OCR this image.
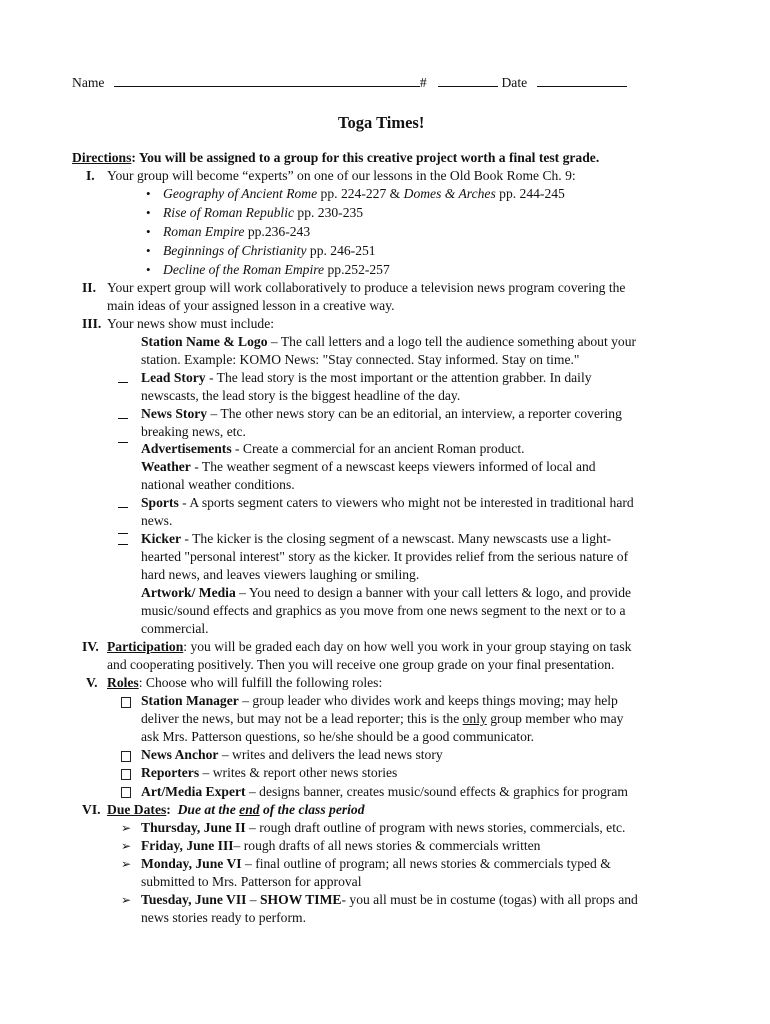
Name	#	Date
Toga Times!
Directions: You will be assigned to a group for this creative project worth a final test grade.
I. Your group will become “experts” on one of our lessons in the Old Book Rome Ch. 9:
• Geography of Ancient Rome pp. 224-227 & Domes & Arches pp. 244-245
• Rise of Roman Republic pp. 230-235
• Roman Empire pp.236-243
• Beginnings of Christianity pp. 246-251
• Decline of the Roman Empire pp.252-257
II. Your expert group will work collaboratively to produce a television news program covering the
main ideas of your assigned lesson in a creative way.
III. Your news show must include:
Station Name & Logo – The call letters and a logo tell the audience something about your
station. Example: KOMO News: "Stay connected. Stay informed. Stay on time."
Lead Story - The lead story is the most important or the attention grabber. In daily
newscasts, the lead story is the biggest headline of the day.
News Story – The other news story can be an editorial, an interview, a reporter covering
breaking news, etc.
Advertisements - Create a commercial for an ancient Roman product.
Weather - The weather segment of a newscast keeps viewers informed of local and
national weather conditions.
Sports - A sports segment caters to viewers who might not be interested in traditional hard
news.
Kicker - The kicker is the closing segment of a newscast. Many newscasts use a light-
hearted "personal interest" story as the kicker. It provides relief from the serious nature of
hard news, and leaves viewers laughing or smiling.
Artwork/ Media – You need to design a banner with your call letters & logo, and provide
music/sound effects and graphics as you move from one news segment to the next or to a
commercial.
IV. Participation: you will be graded each day on how well you work in your group staying on task
and cooperating positively. Then you will receive one group grade on your final presentation.
V. Roles: Choose who will fulfill the following roles:
Station Manager – group leader who divides work and keeps things moving; may help
deliver the news, but may not be a lead reporter; this is the only group member who may
ask Mrs. Patterson questions, so he/she should be a good communicator.
News Anchor – writes and delivers the lead news story
Reporters – writes & report other news stories
Art/Media Expert – designs banner, creates music/sound effects & graphics for program
VI. Due Dates: Due at the end of the class period
➢ Thursday, June II – rough draft outline of program with news stories, commercials, etc.
➢ Friday, June III– rough drafts of all news stories & commercials written
➢ Monday, June VI – final outline of program; all news stories & commercials typed &
submitted to Mrs. Patterson for approval
➢ Tuesday, June VII – SHOW TIME- you all must be in costume (togas) with all props and
news stories ready to perform.
